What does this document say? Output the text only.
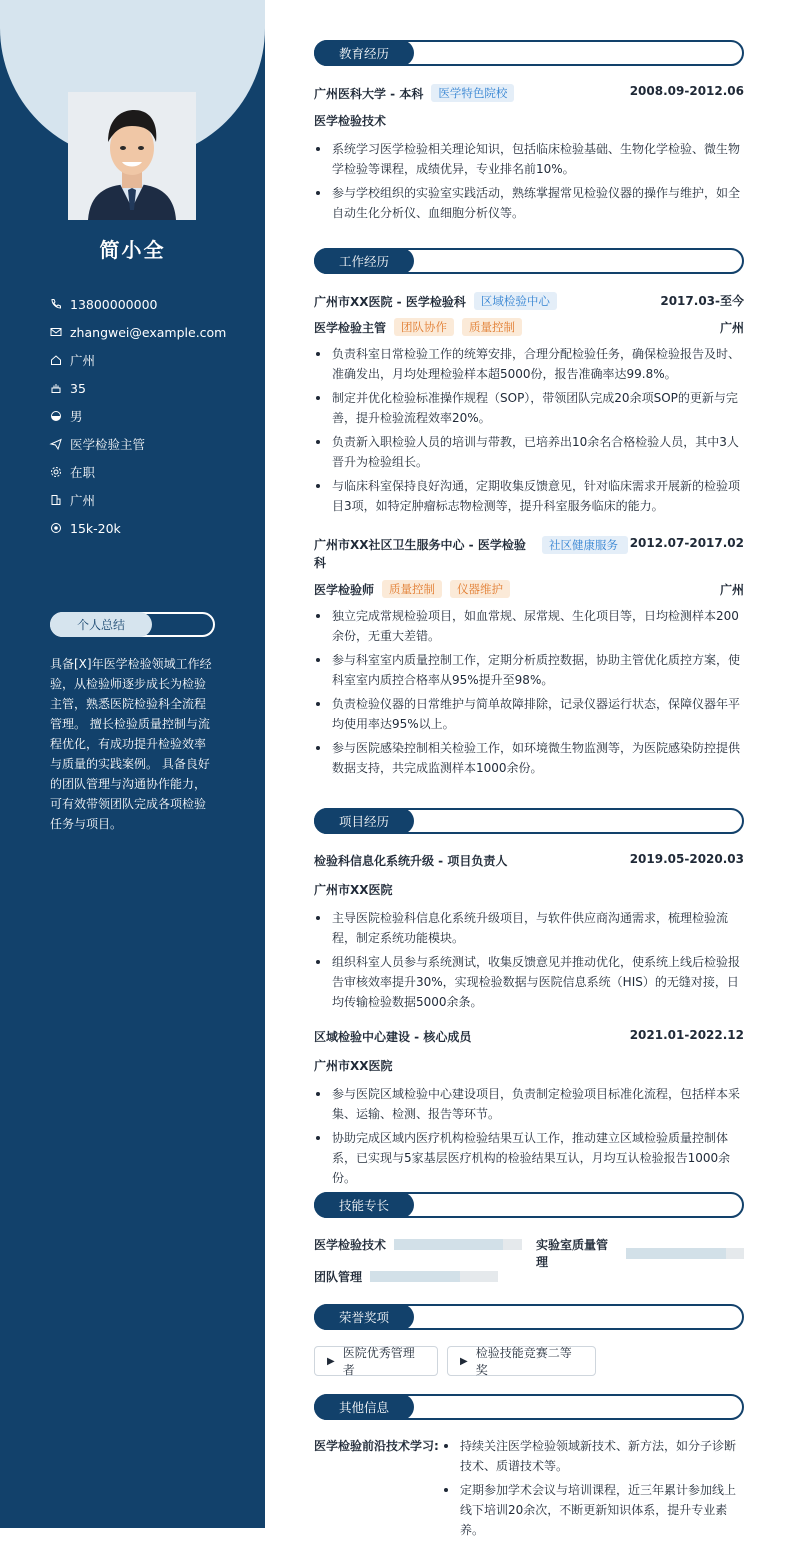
简小全
13800000000
zhangwei@example.com
广州
35
男
医学检验主管
在职
广州
15k-20k
个人总结
具备[X]年医学检验领域工作经验，从检验师逐步成长为检验主管，熟悉医院检验科全流程管理。 擅长检验质量控制与流程优化，有成功提升检验效率与质量的实践案例。 具备良好的团队管理与沟通协作能力，可有效带领团队完成各项检验任务与项目。
教育经历
广州医科大学 - 本科	医学特色院校	2008.09-2012.06
医学检验技术
系统学习医学检验相关理论知识，包括临床检验基础、生物化学检验、微生物学检验等课程，成绩优异，专业排名前10%。
参与学校组织的实验室实践活动，熟练掌握常见检验仪器的操作与维护，如全自动生化分析仪、血细胞分析仪等。
工作经历
广州市XX医院 - 医学检验科	区域检验中心	2017.03-至今
医学检验主管	团队协作	质量控制	广州
负责科室日常检验工作的统筹安排，合理分配检验任务，确保检验报告及时、准确发出，月均处理检验样本超5000份，报告准确率达99.8%。
制定并优化检验标准操作规程（SOP），带领团队完成20余项SOP的更新与完善，提升检验流程效率20%。
负责新入职检验人员的培训与带教，已培养出10余名合格检验人员，其中3人晋升为检验组长。
与临床科室保持良好沟通，定期收集反馈意见，针对临床需求开展新的检验项目3项，如特定肿瘤标志物检测等，提升科室服务临床的能力。
广州市XX社区卫生服务中心 - 医学检验科
社区健康服务 2012.07-2017.02
医学检验师	质量控制	仪器维护	广州
独立完成常规检验项目，如血常规、尿常规、生化项目等，日均检测样本200余份，无重大差错。
参与科室室内质量控制工作，定期分析质控数据，协助主管优化质控方案，使科室室内质控合格率从95%提升至98%。
负责检验仪器的日常维护与简单故障排除，记录仪器运行状态，保障仪器年平均使用率达95%以上。
参与医院感染控制相关检验工作，如环境微生物监测等，为医院感染防控提供数据支持，共完成监测样本1000余份。
项目经历
检验科信息化系统升级 - 项目负责人	2019.05-2020.03
广州市XX医院
主导医院检验科信息化系统升级项目，与软件供应商沟通需求，梳理检验流程，制定系统功能模块。
组织科室人员参与系统测试，收集反馈意见并推动优化，使系统上线后检验报告审核效率提升30%，实现检验数据与医院信息系统（HIS）的无缝对接，日均传输检验数据5000余条。
区域检验中心建设 - 核心成员	2021.01-2022.12
广州市XX医院
参与医院区域检验中心建设项目，负责制定检验项目标准化流程，包括样本采集、运输、检测、报告等环节。
协助完成区域内医疗机构检验结果互认工作，推动建立区域检验质量控制体系，已实现与5家基层医疗机构的检验结果互认，月均互认检验报告1000余份。
技能专长
医学检验技术	实验室质量管理
团队管理
荣誉奖项
▶
医院优秀管理者
▶
检验技能竞赛二等奖
其他信息
医学检验前沿技术学习:	持续关注医学检验领域新技术、新方法，如分子诊断技术、质谱技术等。
定期参加学术会议与培训课程，近三年累计参加线上线下培训20余次，不断更新知识体系，提升专业素养。
